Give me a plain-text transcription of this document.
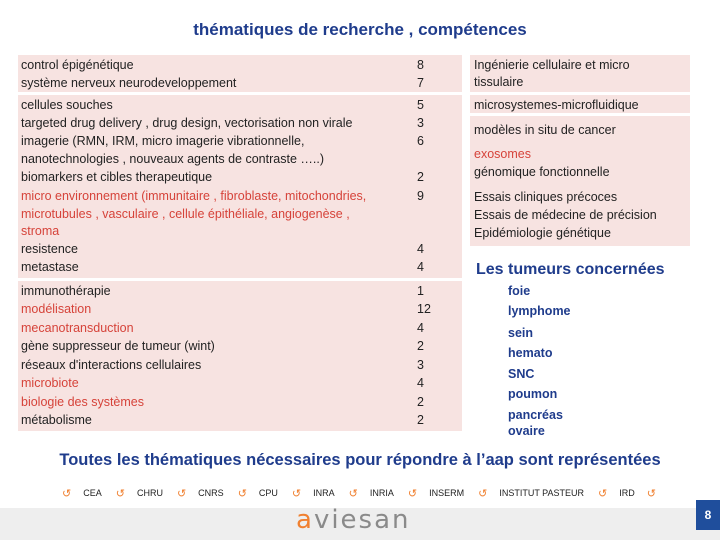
thématiques de recherche , compétences
control épigénétique
système nerveux neurodeveloppement
cellules souches
targeted drug delivery , drug design, vectorisation non virale
imagerie (RMN, IRM, micro imagerie vibrationnelle,
nanotechnologies , nouveaux agents de contraste …..)
biomarkers et cibles therapeutique
micro environnement (immunitaire , fibroblaste, mitochondries,
microtubules , vasculaire , cellule épithéliale, angiogenèse ,
stroma
resistence
metastase
immunothérapie
modélisation
mecanotransduction
gène suppresseur de tumeur (wint)
réseaux d'interactions cellulaires
microbiote
biologie des systèmes
métabolisme
8
7
5
3
6
2
9
4
4
1
12
4
2
3
4
2
2
Ingénierie cellulaire et micro
tissulaire
microsystemes-microfluidique
modèles in situ de cancer
exosomes
génomique fonctionnelle
Essais cliniques précoces
Essais de médecine de précision
Epidémiologie génétique
Les tumeurs concernées
foie
lymphome
sein
hemato
SNC
poumon
pancréas
ovaire
Toutes les thématiques nécessaires pour répondre à l’aap sont représentées
↺ CEA ↺ CHRU ↺ CNRS ↺ CPU ↺ INRA ↺ INRIA ↺ INSERM ↺ INSTITUT PASTEUR ↺ IRD ↺
aviesan	8
